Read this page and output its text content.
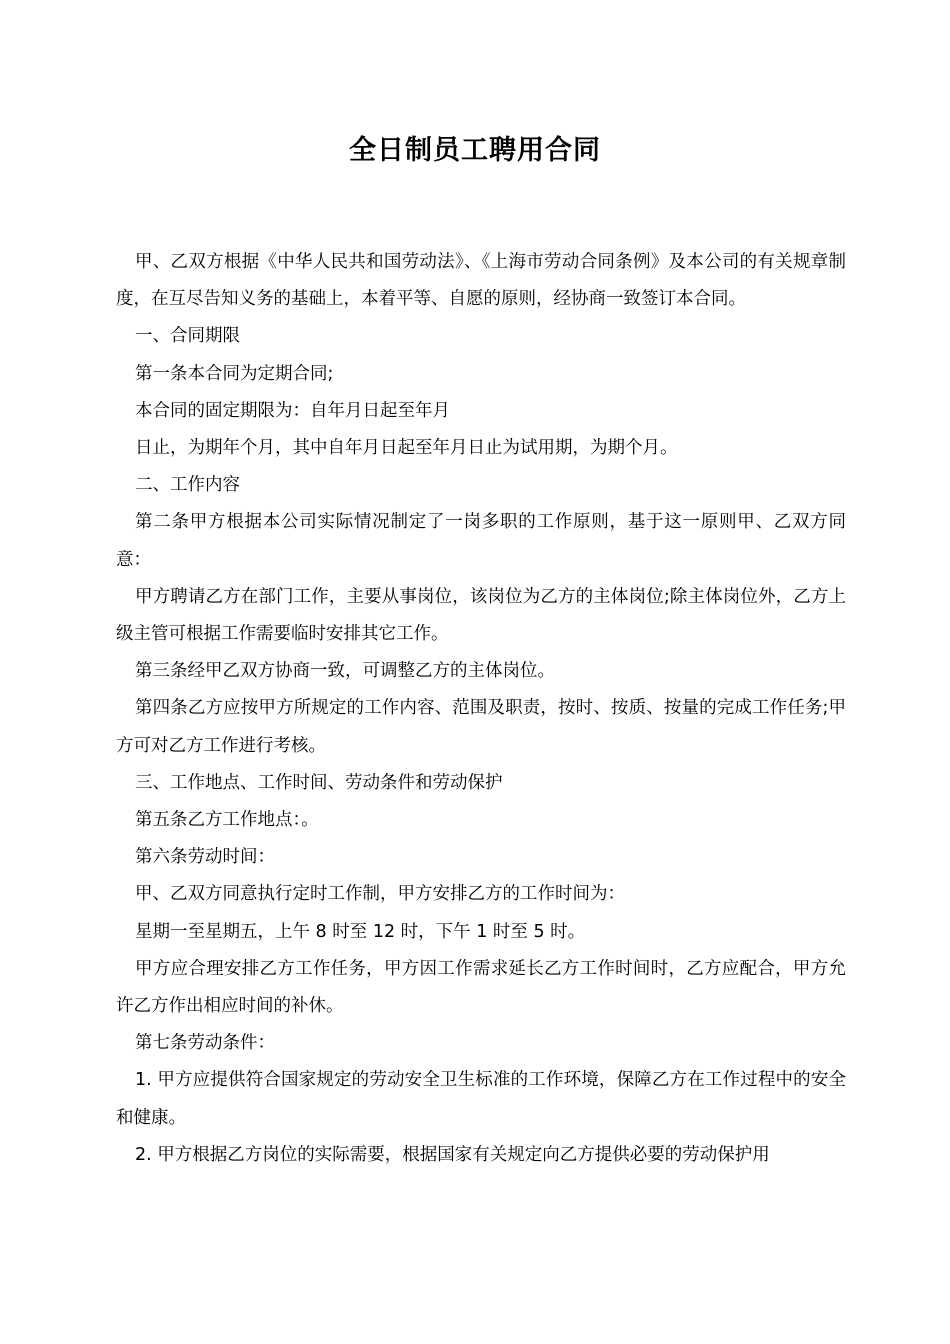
全日制员工聘用合同

甲、乙双方根据《中华人民共和国劳动法》、《上海市劳动合同条例》及本公司的有关规章制度，在互尽告知义务的基础上，本着平等、自愿的原则，经协商一致签订本合同。

一、合同期限

第一条本合同为定期合同;

本合同的固定期限为：自年月日起至年月

日止，为期年个月，其中自年月日起至年月日止为试用期，为期个月。

二、工作内容

第二条甲方根据本公司实际情况制定了一岗多职的工作原则，基于这一原则甲、乙双方同意：

甲方聘请乙方在部门工作，主要从事岗位，该岗位为乙方的主体岗位;除主体岗位外，乙方上级主管可根据工作需要临时安排其它工作。

第三条经甲乙双方协商一致，可调整乙方的主体岗位。

第四条乙方应按甲方所规定的工作内容、范围及职责，按时、按质、按量的完成工作任务;甲方可对乙方工作进行考核。

三、工作地点、工作时间、劳动条件和劳动保护

第五条乙方工作地点：。

第六条劳动时间：

甲、乙双方同意执行定时工作制，甲方安排乙方的工作时间为：

星期一至星期五，上午 8 时至 12 时，下午 1 时至 5 时。

甲方应合理安排乙方工作任务，甲方因工作需求延长乙方工作时间时，乙方应配合，甲方允许乙方作出相应时间的补休。

第七条劳动条件：

1. 甲方应提供符合国家规定的劳动安全卫生标准的工作环境，保障乙方在工作过程中的安全和健康。

2. 甲方根据乙方岗位的实际需要，根据国家有关规定向乙方提供必要的劳动保护用
